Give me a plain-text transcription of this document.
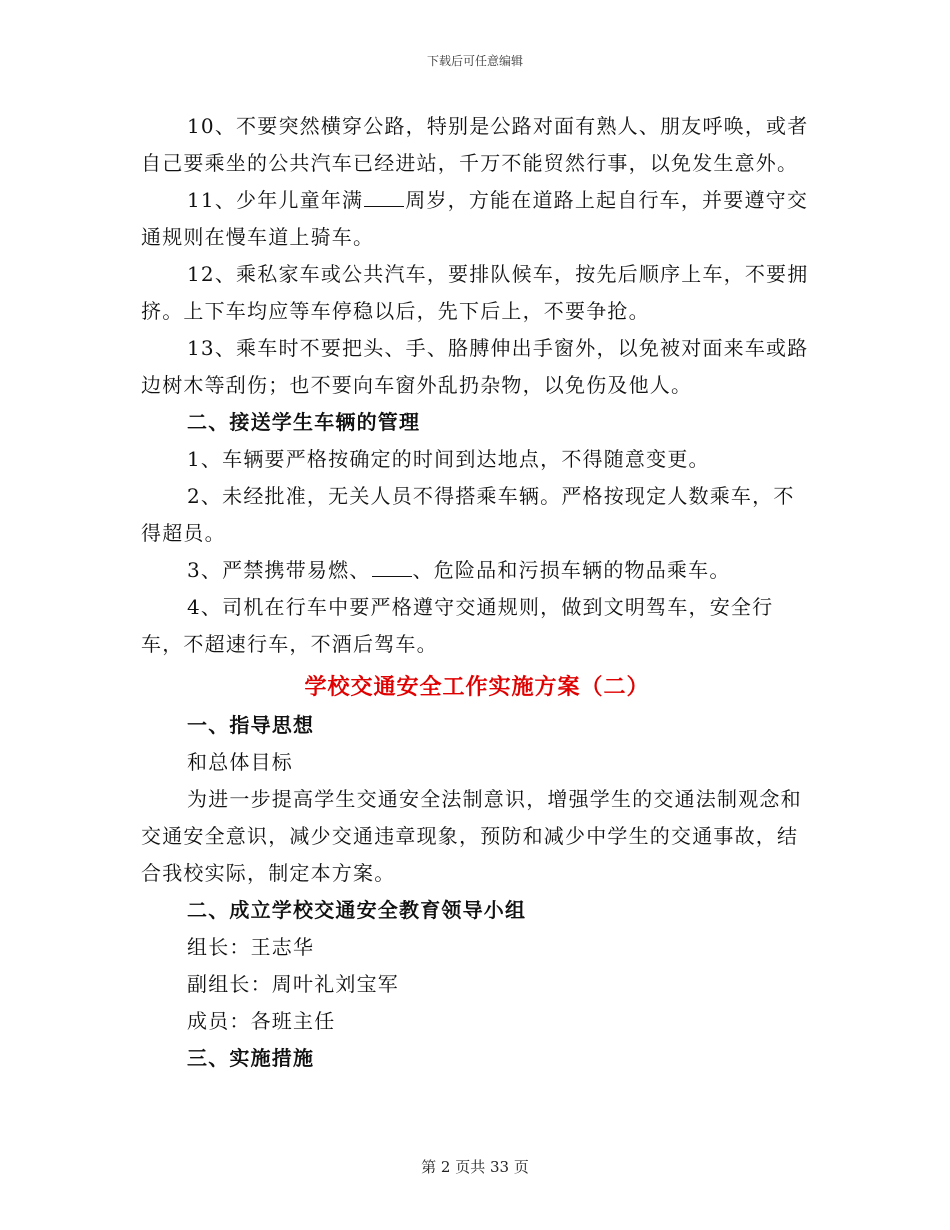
下载后可任意编辑

10、不要突然横穿公路，特别是公路对面有熟人、朋友呼唤，或者自己要乘坐的公共汽车已经进站，千万不能贸然行事，以免发生意外。

11、少年儿童年满 周岁，方能在道路上起自行车，并要遵守交通规则在慢车道上骑车。

12、乘私家车或公共汽车，要排队候车，按先后顺序上车，不要拥挤。上下车均应等车停稳以后，先下后上，不要争抢。

13、乘车时不要把头、手、胳膊伸出手窗外，以免被对面来车或路边树木等刮伤；也不要向车窗外乱扔杂物，以免伤及他人。

二、接送学生车辆的管理

1、车辆要严格按确定的时间到达地点，不得随意变更。

2、未经批准，无关人员不得搭乘车辆。严格按现定人数乘车，不得超员。

3、严禁携带易燃、 、危险品和污损车辆的物品乘车。

4、司机在行车中要严格遵守交通规则，做到文明驾车，安全行车，不超速行车，不酒后驾车。

学校交通安全工作实施方案（二）

一、指导思想

和总体目标

为进一步提高学生交通安全法制意识，增强学生的交通法制观念和交通安全意识，减少交通违章现象，预防和减少中学生的交通事故，结合我校实际，制定本方案。

二、成立学校交通安全教育领导小组

组长：王志华

副组长：周叶礼刘宝军

成员：各班主任

三、实施措施

第 2 页共 33 页
